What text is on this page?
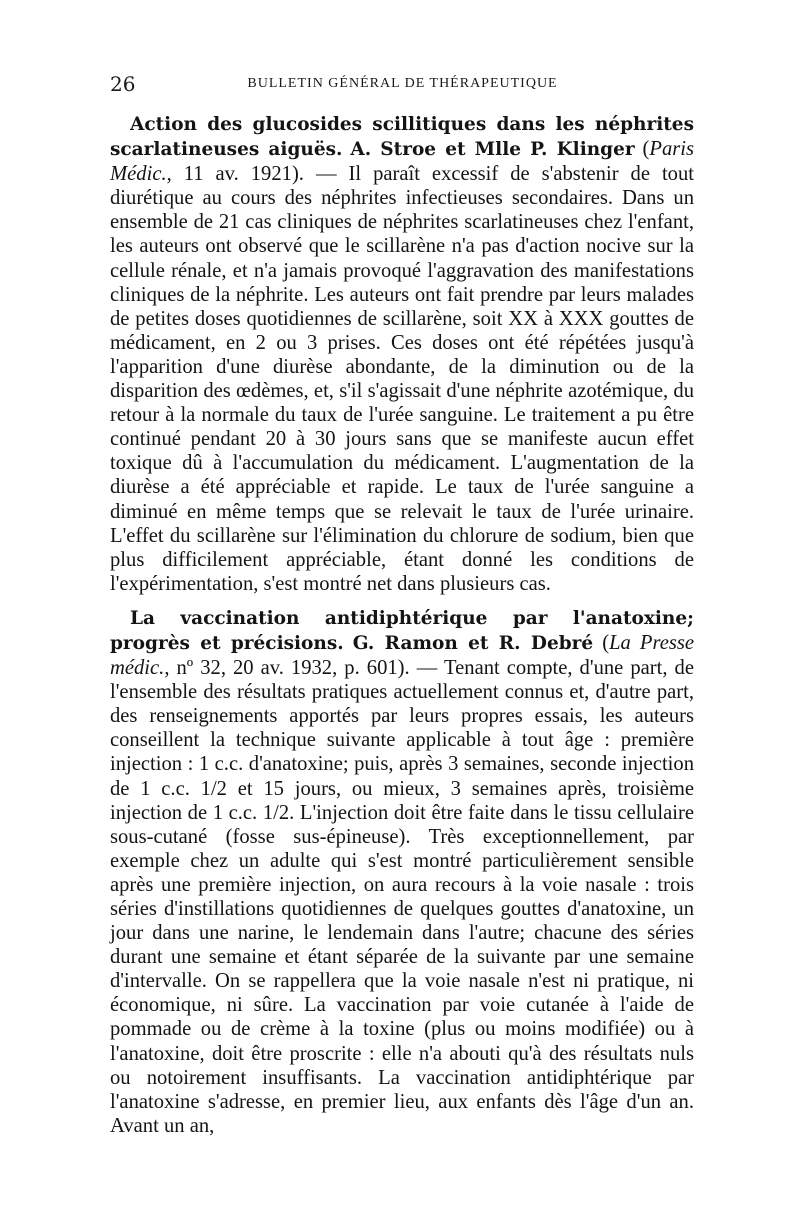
26	BULLETIN GÉNÉRAL DE THÉRAPEUTIQUE

Action des glucosides scillitiques dans les néphrites scarlatineuses aiguës. A. Stroe et Mlle P. Klinger (Paris Médic., 11 av. 1921). — Il paraît excessif de s'abstenir de tout diurétique au cours des néphrites infectieuses secondaires. Dans un ensemble de 21 cas cliniques de néphrites scarlatineuses chez l'enfant, les auteurs ont observé que le scillarène n'a pas d'action nocive sur la cellule rénale, et n'a jamais provoqué l'aggravation des manifestations cliniques de la néphrite. Les auteurs ont fait prendre par leurs malades de petites doses quotidiennes de scillarène, soit XX à XXX gouttes de médicament, en 2 ou 3 prises. Ces doses ont été répétées jusqu'à l'apparition d'une diurèse abondante, de la diminution ou de la disparition des œdèmes, et, s'il s'agissait d'une néphrite azotémique, du retour à la normale du taux de l'urée sanguine. Le traitement a pu être continué pendant 20 à 30 jours sans que se manifeste aucun effet toxique dû à l'accumulation du médicament. L'augmentation de la diurèse a été appréciable et rapide. Le taux de l'urée sanguine a diminué en même temps que se relevait le taux de l'urée urinaire. L'effet du scillarène sur l'élimination du chlorure de sodium, bien que plus difficilement appréciable, étant donné les conditions de l'expérimentation, s'est montré net dans plusieurs cas.

La vaccination antidiphtérique par l'anatoxine; progrès et précisions. G. Ramon et R. Debré (La Presse médic., nº 32, 20 av. 1932, p. 601). — Tenant compte, d'une part, de l'ensemble des résultats pratiques actuellement connus et, d'autre part, des renseignements apportés par leurs propres essais, les auteurs conseillent la technique suivante applicable à tout âge : première injection : 1 c.c. d'anatoxine; puis, après 3 semaines, seconde injection de 1 c.c. 1/2 et 15 jours, ou mieux, 3 semaines après, troisième injection de 1 c.c. 1/2. L'injection doit être faite dans le tissu cellulaire sous-cutané (fosse sus-épineuse). Très exceptionnellement, par exemple chez un adulte qui s'est montré particulièrement sensible après une première injection, on aura recours à la voie nasale : trois séries d'instillations quotidiennes de quelques gouttes d'anatoxine, un jour dans une narine, le lendemain dans l'autre; chacune des séries durant une semaine et étant séparée de la suivante par une semaine d'intervalle. On se rappellera que la voie nasale n'est ni pratique, ni économique, ni sûre. La vaccination par voie cutanée à l'aide de pommade ou de crème à la toxine (plus ou moins modifiée) ou à l'anatoxine, doit être proscrite : elle n'a abouti qu'à des résultats nuls ou notoirement insuffisants. La vaccination antidiphtérique par l'anatoxine s'adresse, en premier lieu, aux enfants dès l'âge d'un an. Avant un an,
